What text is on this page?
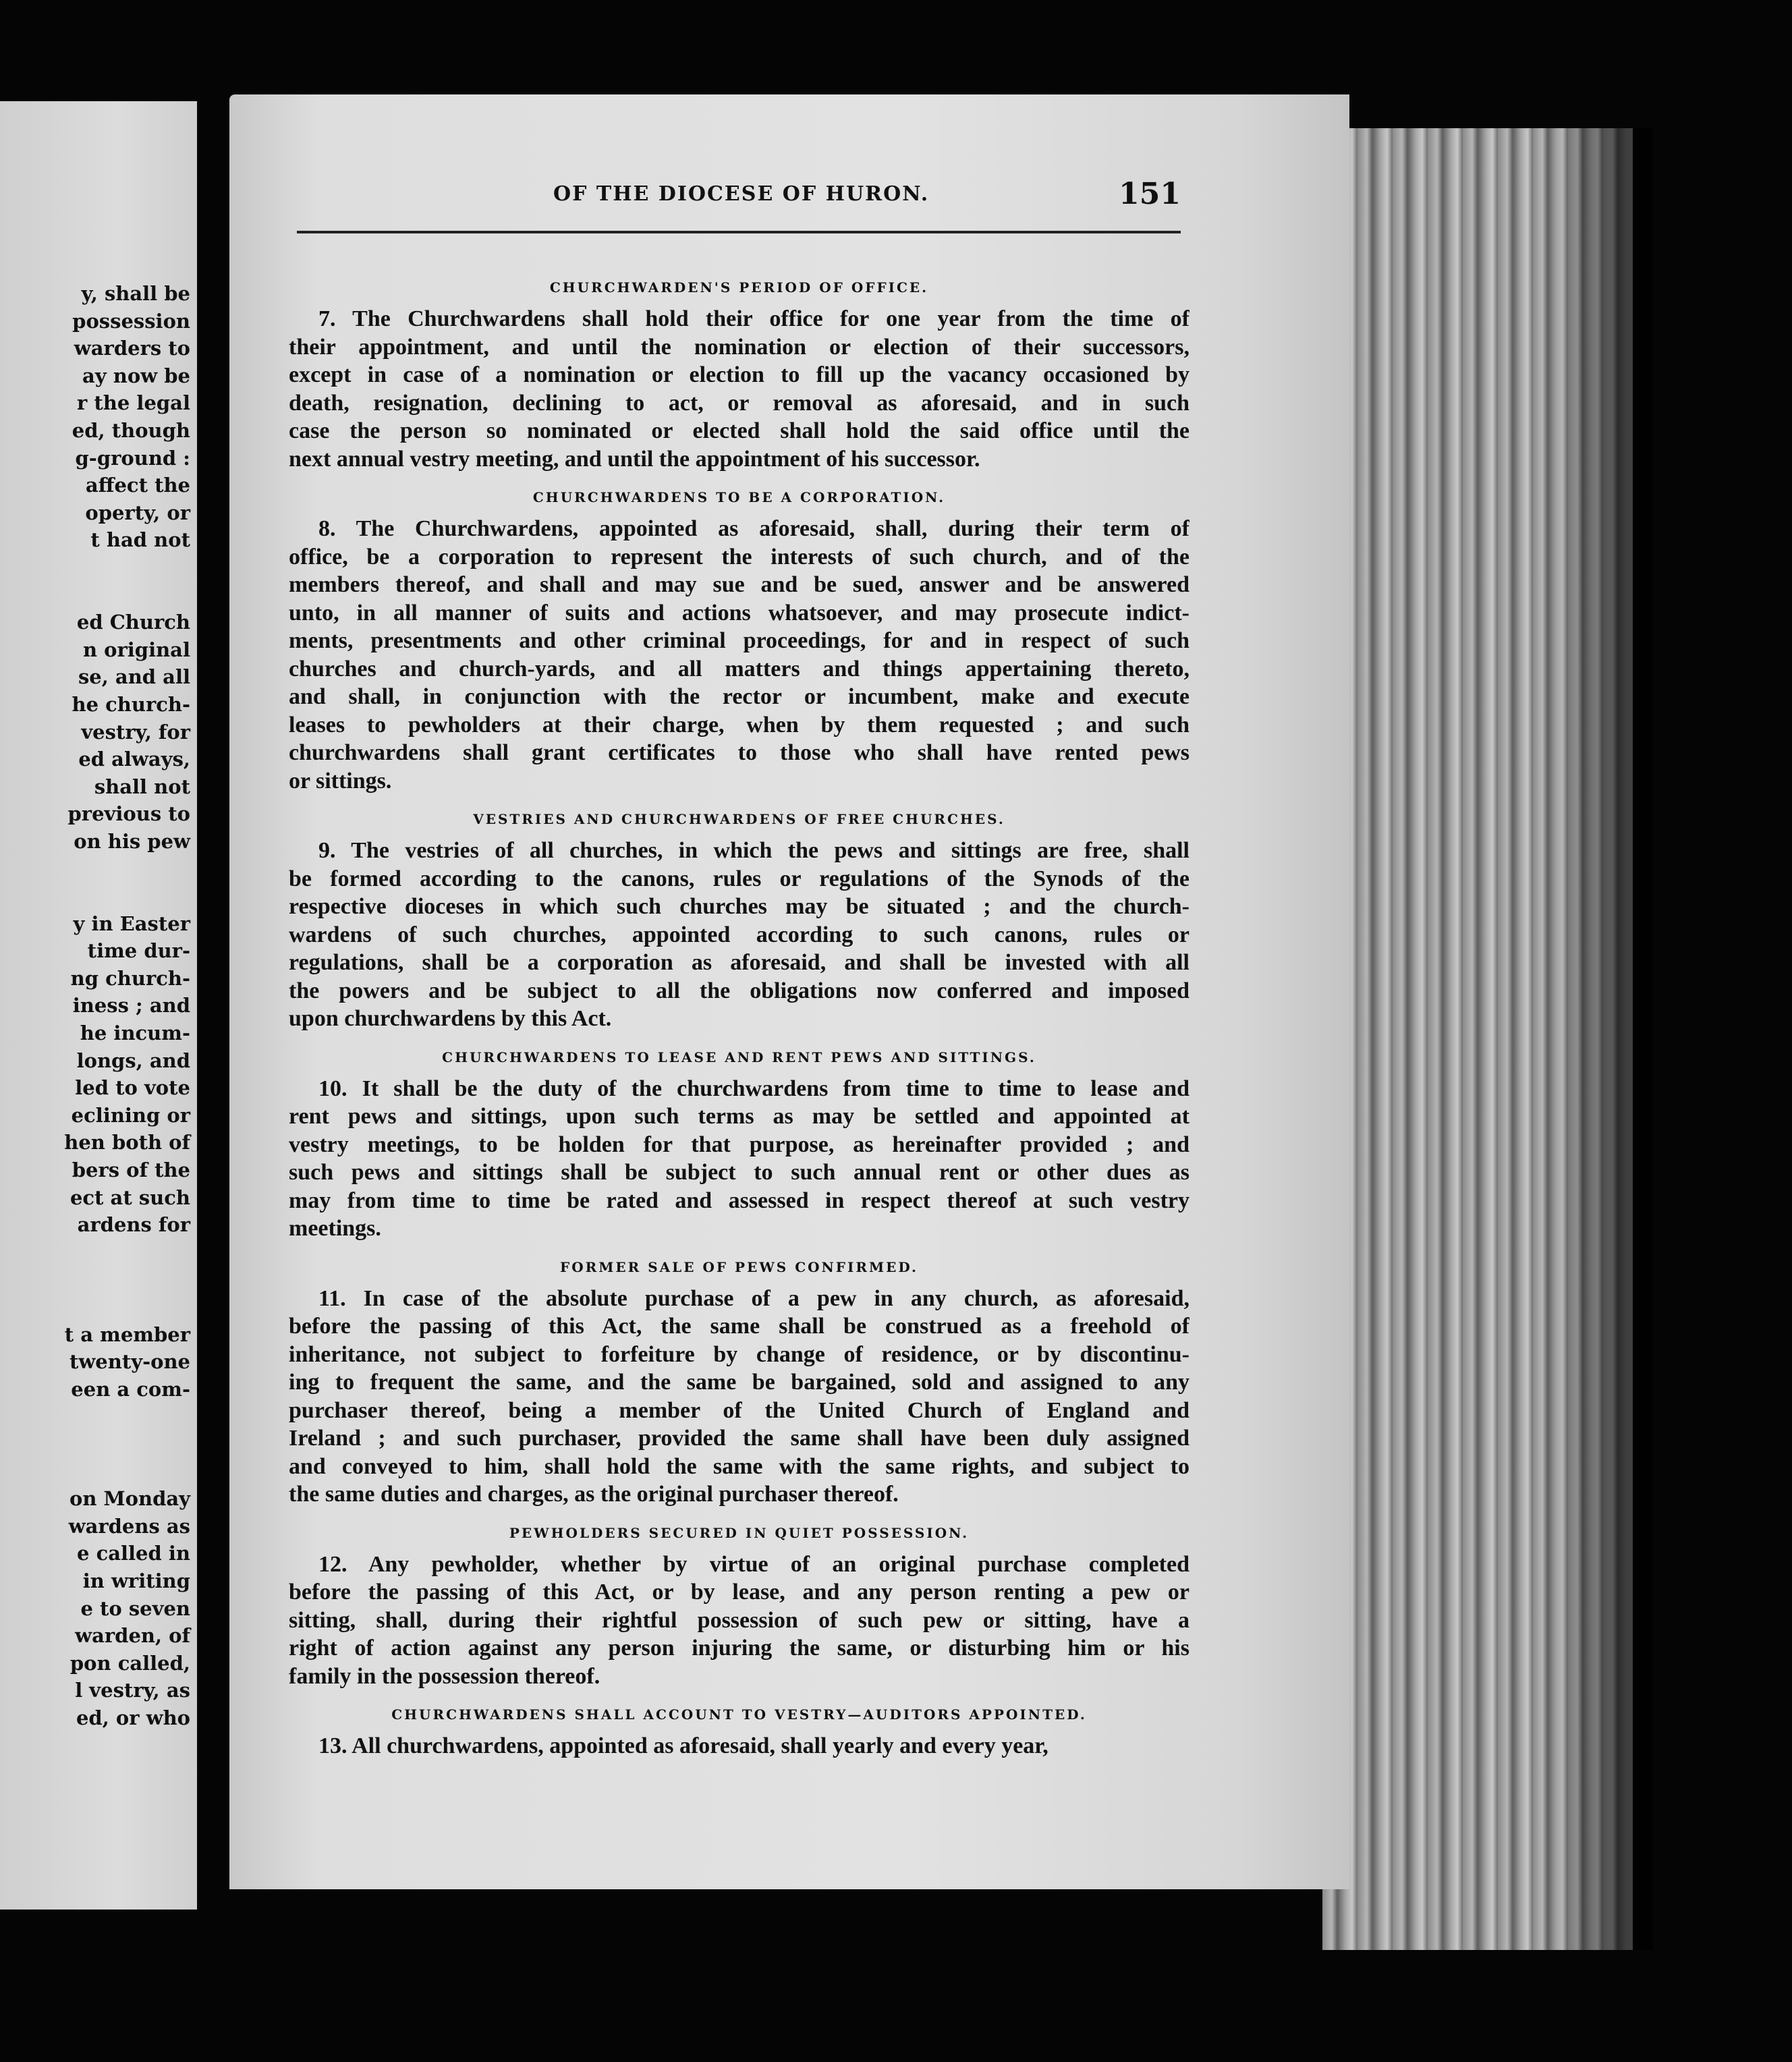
y, shall be
possession
warders to
ay now be
r the legal
ed, though
g-ground :
affect the
operty, or
t had not
ed Church
n original
se, and all
he church-
vestry, for
ed always,
shall not
previous to
on his pew
y in Easter
time dur-
ng church-
iness ; and
he incum-
longs, and
led to vote
eclining or
hen both of
bers of the
ect at such
ardens for
t a member
twenty-one
een a com-
on Monday
wardens as
e called in
in writing
e to seven
warden, of
pon called,
l vestry, as
ed, or who
OF THE DIOCESE OF HURON.	151
CHURCHWARDEN'S PERIOD OF OFFICE.
7. The Churchwardens shall hold their office for one year from the time of
their appointment, and until the nomination or election of their successors,
except in case of a nomination or election to fill up the vacancy occasioned by
death, resignation, declining to act, or removal as aforesaid, and in such
case the person so nominated or elected shall hold the said office until the
next annual vestry meeting, and until the appointment of his successor.
CHURCHWARDENS TO BE A CORPORATION.
8. The Churchwardens, appointed as aforesaid, shall, during their term of
office, be a corporation to represent the interests of such church, and of the
members thereof, and shall and may sue and be sued, answer and be answered
unto, in all manner of suits and actions whatsoever, and may prosecute indict-
ments, presentments and other criminal proceedings, for and in respect of such
churches and church-yards, and all matters and things appertaining thereto,
and shall, in conjunction with the rector or incumbent, make and execute
leases to pewholders at their charge, when by them requested ; and such
churchwardens shall grant certificates to those who shall have rented pews
or sittings.
VESTRIES AND CHURCHWARDENS OF FREE CHURCHES.
9. The vestries of all churches, in which the pews and sittings are free, shall
be formed according to the canons, rules or regulations of the Synods of the
respective dioceses in which such churches may be situated ; and the church-
wardens of such churches, appointed according to such canons, rules or
regulations, shall be a corporation as aforesaid, and shall be invested with all
the powers and be subject to all the obligations now conferred and imposed
upon churchwardens by this Act.
CHURCHWARDENS TO LEASE AND RENT PEWS AND SITTINGS.
10. It shall be the duty of the churchwardens from time to time to lease and
rent pews and sittings, upon such terms as may be settled and appointed at
vestry meetings, to be holden for that purpose, as hereinafter provided ; and
such pews and sittings shall be subject to such annual rent or other dues as
may from time to time be rated and assessed in respect thereof at such vestry
meetings.
FORMER SALE OF PEWS CONFIRMED.
11. In case of the absolute purchase of a pew in any church, as aforesaid,
before the passing of this Act, the same shall be construed as a freehold of
inheritance, not subject to forfeiture by change of residence, or by discontinu-
ing to frequent the same, and the same be bargained, sold and assigned to any
purchaser thereof, being a member of the United Church of England and
Ireland ; and such purchaser, provided the same shall have been duly assigned
and conveyed to him, shall hold the same with the same rights, and subject to
the same duties and charges, as the original purchaser thereof.
PEWHOLDERS SECURED IN QUIET POSSESSION.
12. Any pewholder, whether by virtue of an original purchase completed
before the passing of this Act, or by lease, and any person renting a pew or
sitting, shall, during their rightful possession of such pew or sitting, have a
right of action against any person injuring the same, or disturbing him or his
family in the possession thereof.
CHURCHWARDENS SHALL ACCOUNT TO VESTRY—AUDITORS APPOINTED.
13. All churchwardens, appointed as aforesaid, shall yearly and every year,
